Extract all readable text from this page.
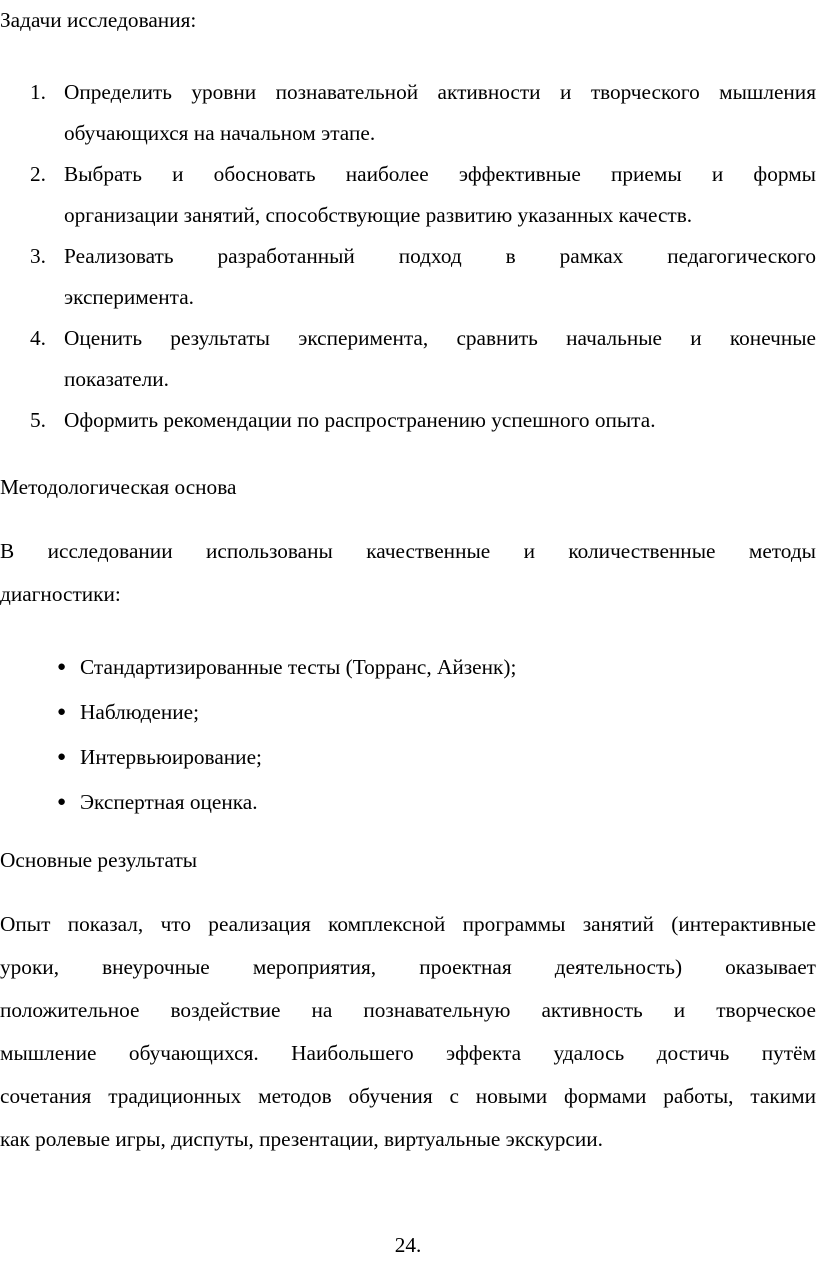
Задачи исследования:
1. Определить уровни познавательной активности и творческого мышления
обучающихся на начальном этапе.
2. Выбрать и обосновать наиболее эффективные приемы и формы
организации занятий, способствующие развитию указанных качеств.
3. Реализовать разработанный подход в рамках педагогического
эксперимента.
4. Оценить результаты эксперимента, сравнить начальные и конечные
показатели.
5. Оформить рекомендации по распространению успешного опыта.
Методологическая основа

В исследовании использованы качественные и количественные методы
диагностики:

● Стандартизированные тесты (Торранс, Айзенк);
● Наблюдение;
● Интервьюирование;
● Экспертная оценка.
Основные результаты

Опыт показал, что реализация комплексной программы занятий (интерактивные
уроки, внеурочные мероприятия, проектная деятельность) оказывает
положительное воздействие на познавательную активность и творческое
мышление обучающихся. Наибольшего эффекта удалось достичь путём
сочетания традиционных методов обучения с новыми формами работы, такими
как ролевые игры, диспуты, презентации, виртуальные экскурсии.

24.
